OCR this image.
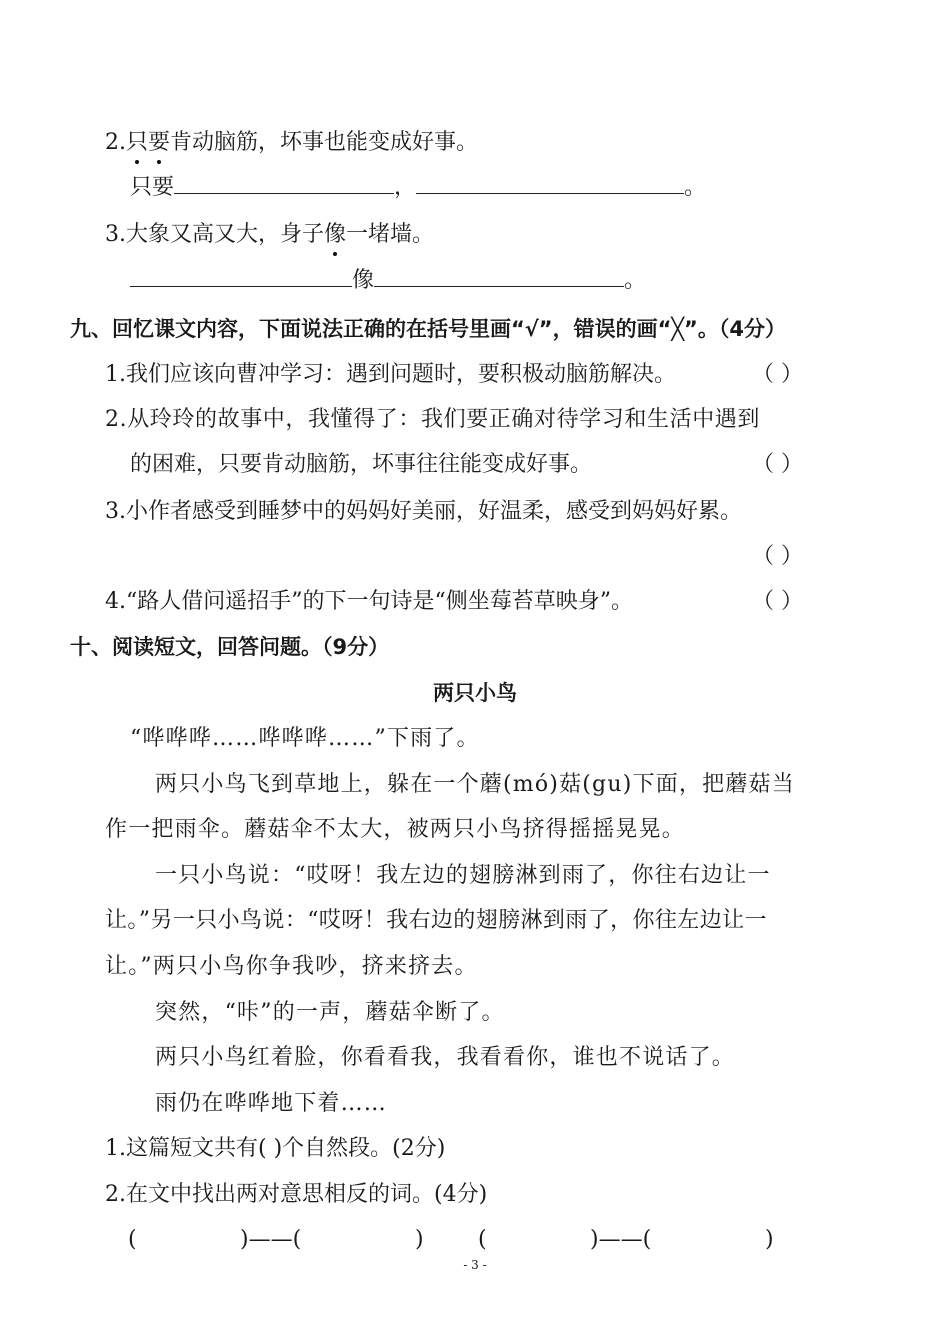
2.只要肯动脑筋，坏事也能变成好事。
只要	，	。
3.大象又高又大，身子像一堵墙。
像	。
九、回忆课文内容，下面说法正确的在括号里画“√”，错误的画“╳”。（4分）
1.我们应该向曹冲学习：遇到问题时，要积极动脑筋解决。	（ ）
2.从玲玲的故事中，我懂得了：我们要正确对待学习和生活中遇到
的困难，只要肯动脑筋，坏事往往能变成好事。	（ ）
3.小作者感受到睡梦中的妈妈好美丽，好温柔，感受到妈妈好累。
（ ）
4.“路人借问遥招手”的下一句诗是“侧坐莓苔草映身”。	（ ）
十、阅读短文，回答问题。（9分）
两只小鸟
“哗哗哗……哗哗哗……”下雨了。
两只小鸟飞到草地上，躲在一个蘑(mó)菇(gu)下面，把蘑菇当
作一把雨伞。蘑菇伞不太大，被两只小鸟挤得摇摇晃晃。
一只小鸟说：“哎呀！我左边的翅膀淋到雨了，你往右边让一
让。”另一只小鸟说：“哎呀！我右边的翅膀淋到雨了，你往左边让一
让。”两只小鸟你争我吵，挤来挤去。
突然，“咔”的一声，蘑菇伞断了。
两只小鸟红着脸，你看看我，我看看你，谁也不说话了。
雨仍在哗哗地下着……
1.这篇短文共有( )个自然段。(2分)
2.在文中找出两对意思相反的词。(4分)
(	)——(	) (	)——(	)
- 3 -
